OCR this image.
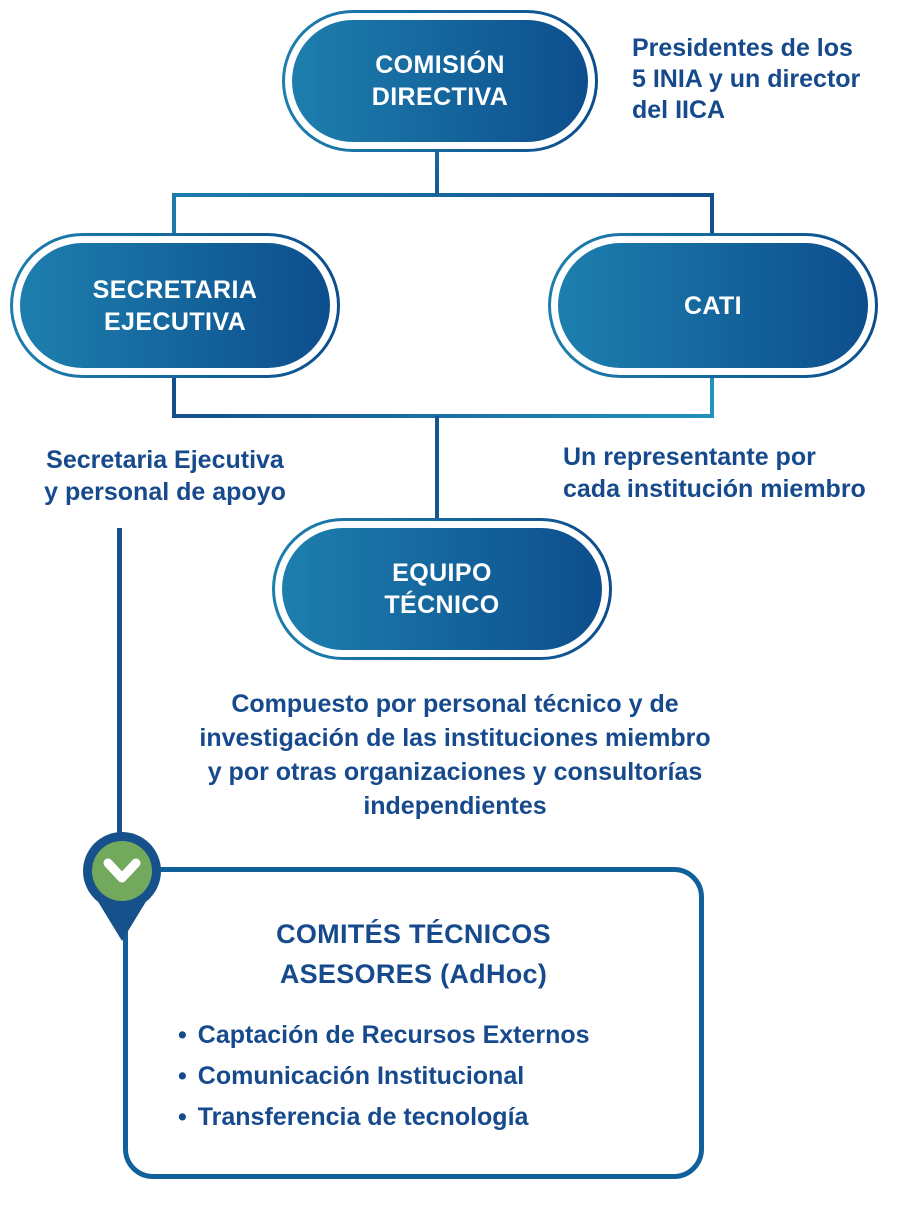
COMISIÓN
DIRECTIVA
Presidentes de los
5 INIA y un director
del IICA
SECRETARIA
EJECUTIVA
Secretaria Ejecutiva
y personal de apoyo
CATI
Un representante por
cada institución miembro
EQUIPO
TÉCNICO
Compuesto por personal técnico y de
investigación de las instituciones miembro
y por otras organizaciones y consultorías
independientes
COMITÉS TÉCNICOS
ASESORES (AdHoc)
• Captación de Recursos Externos
• Comunicación Institucional
• Transferencia de tecnología
